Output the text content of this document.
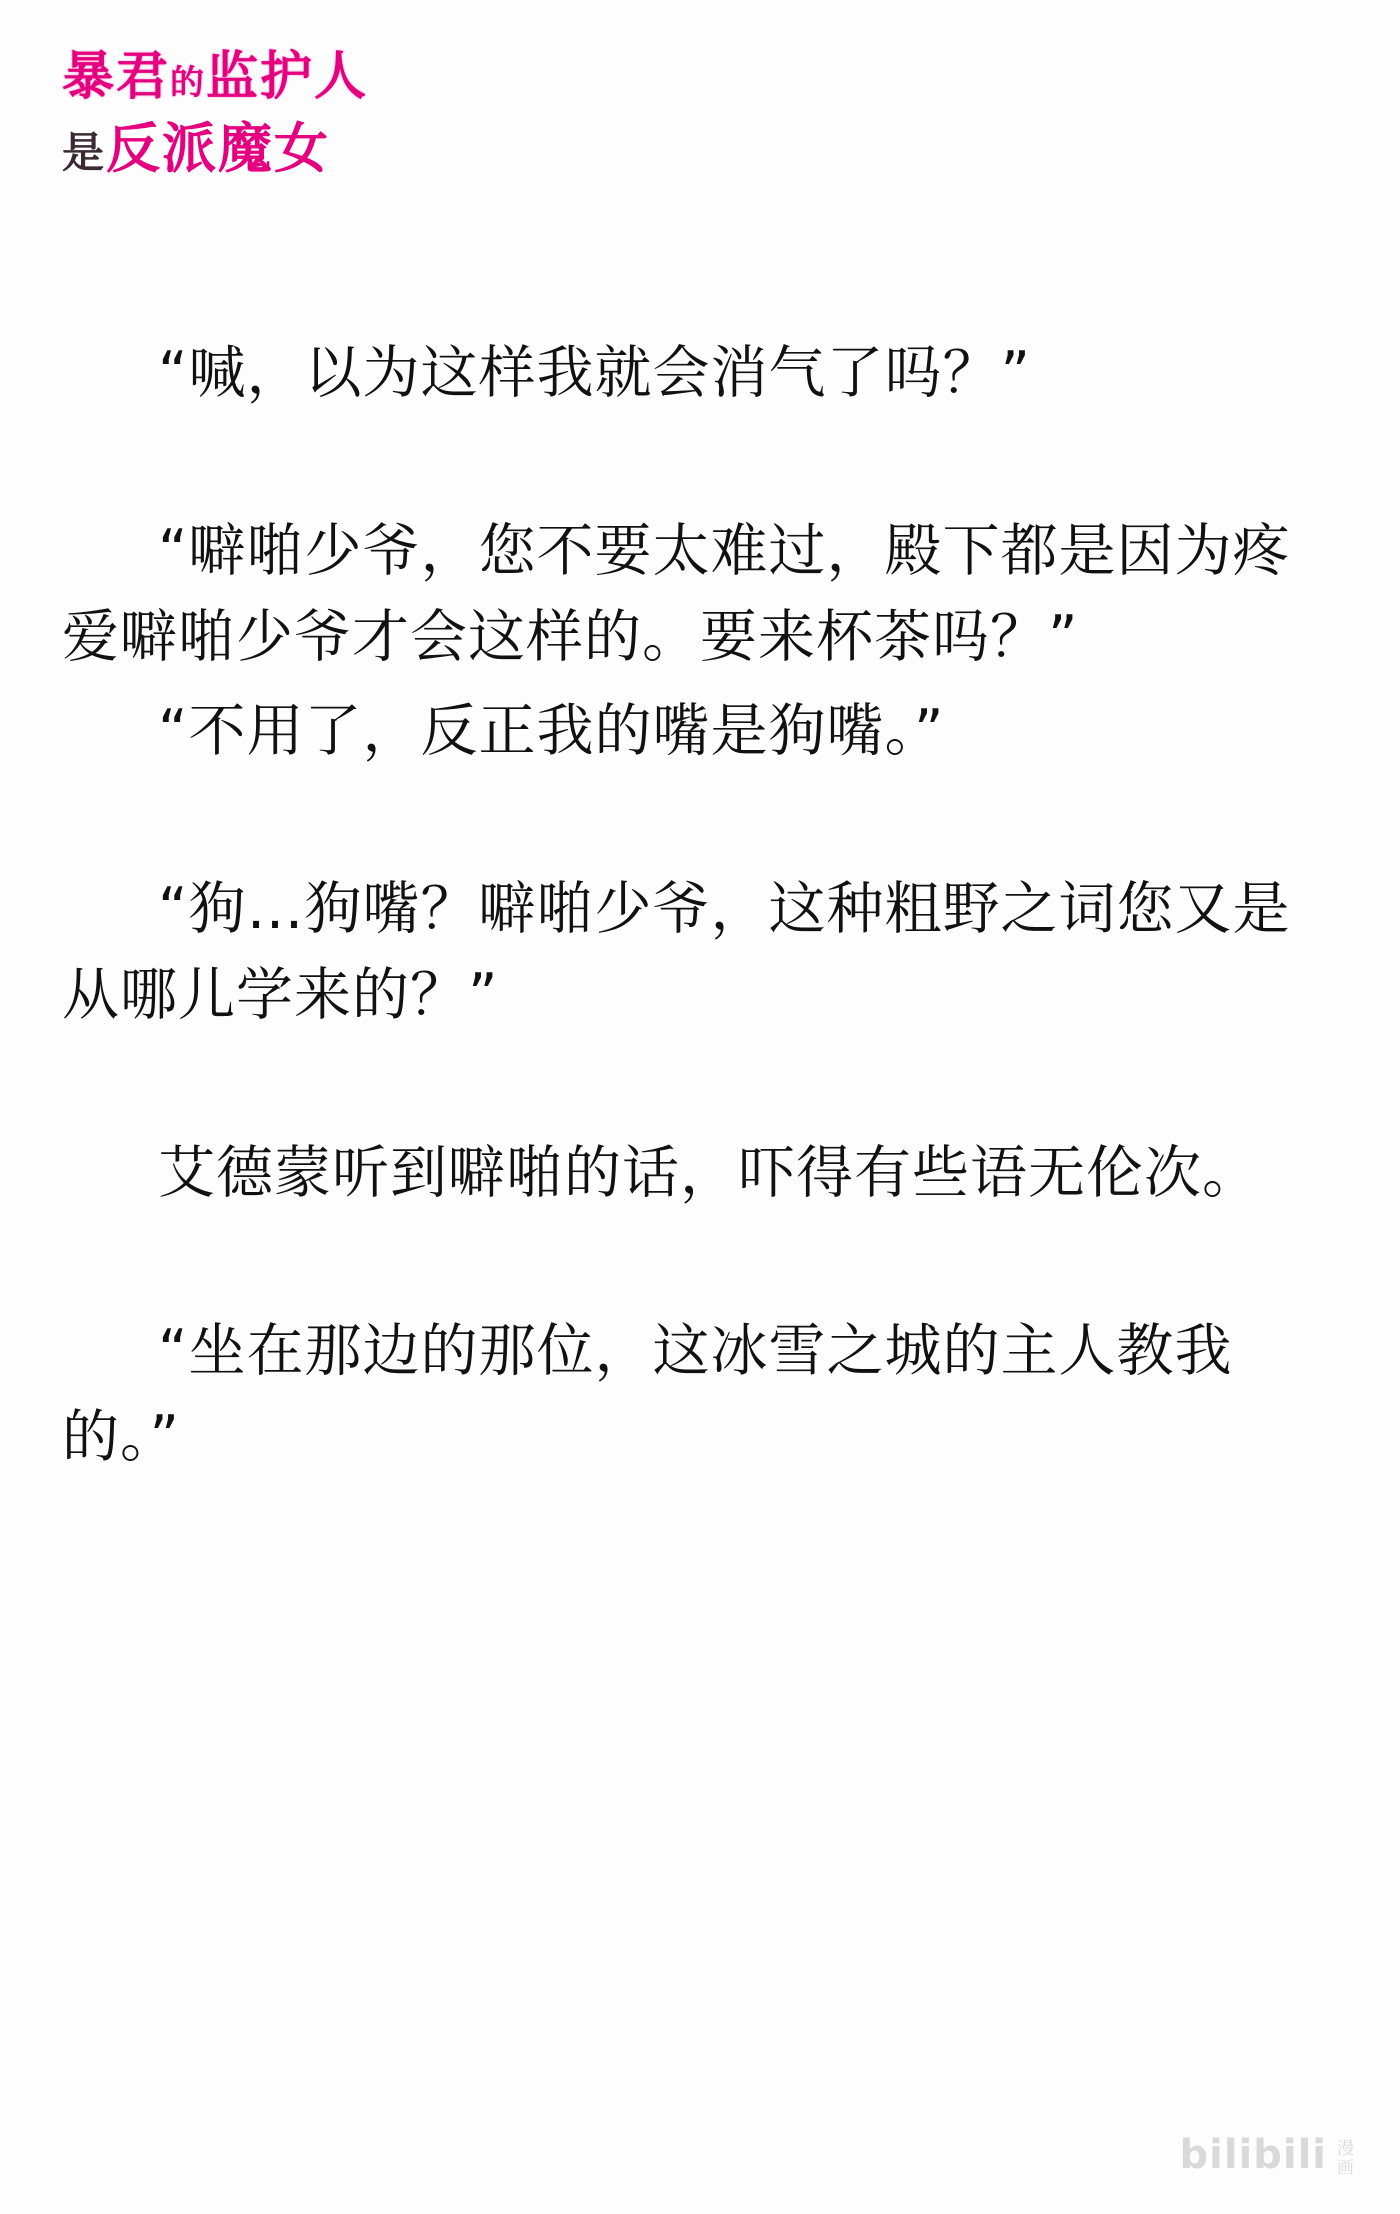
暴君的监护人
是反派魔女

“喊，以为这样我就会消气了吗？”

“噼啪少爷，您不要太难过，殿下都是因为疼爱噼啪少爷才会这样的。要来杯茶吗？”

“不用了，反正我的嘴是狗嘴。”

“狗…狗嘴？噼啪少爷，这种粗野之词您又是从哪儿学来的？”

艾德蒙听到噼啪的话，吓得有些语无伦次。

“坐在那边的那位，这冰雪之城的主人教我的。”

bilibili 漫
画
